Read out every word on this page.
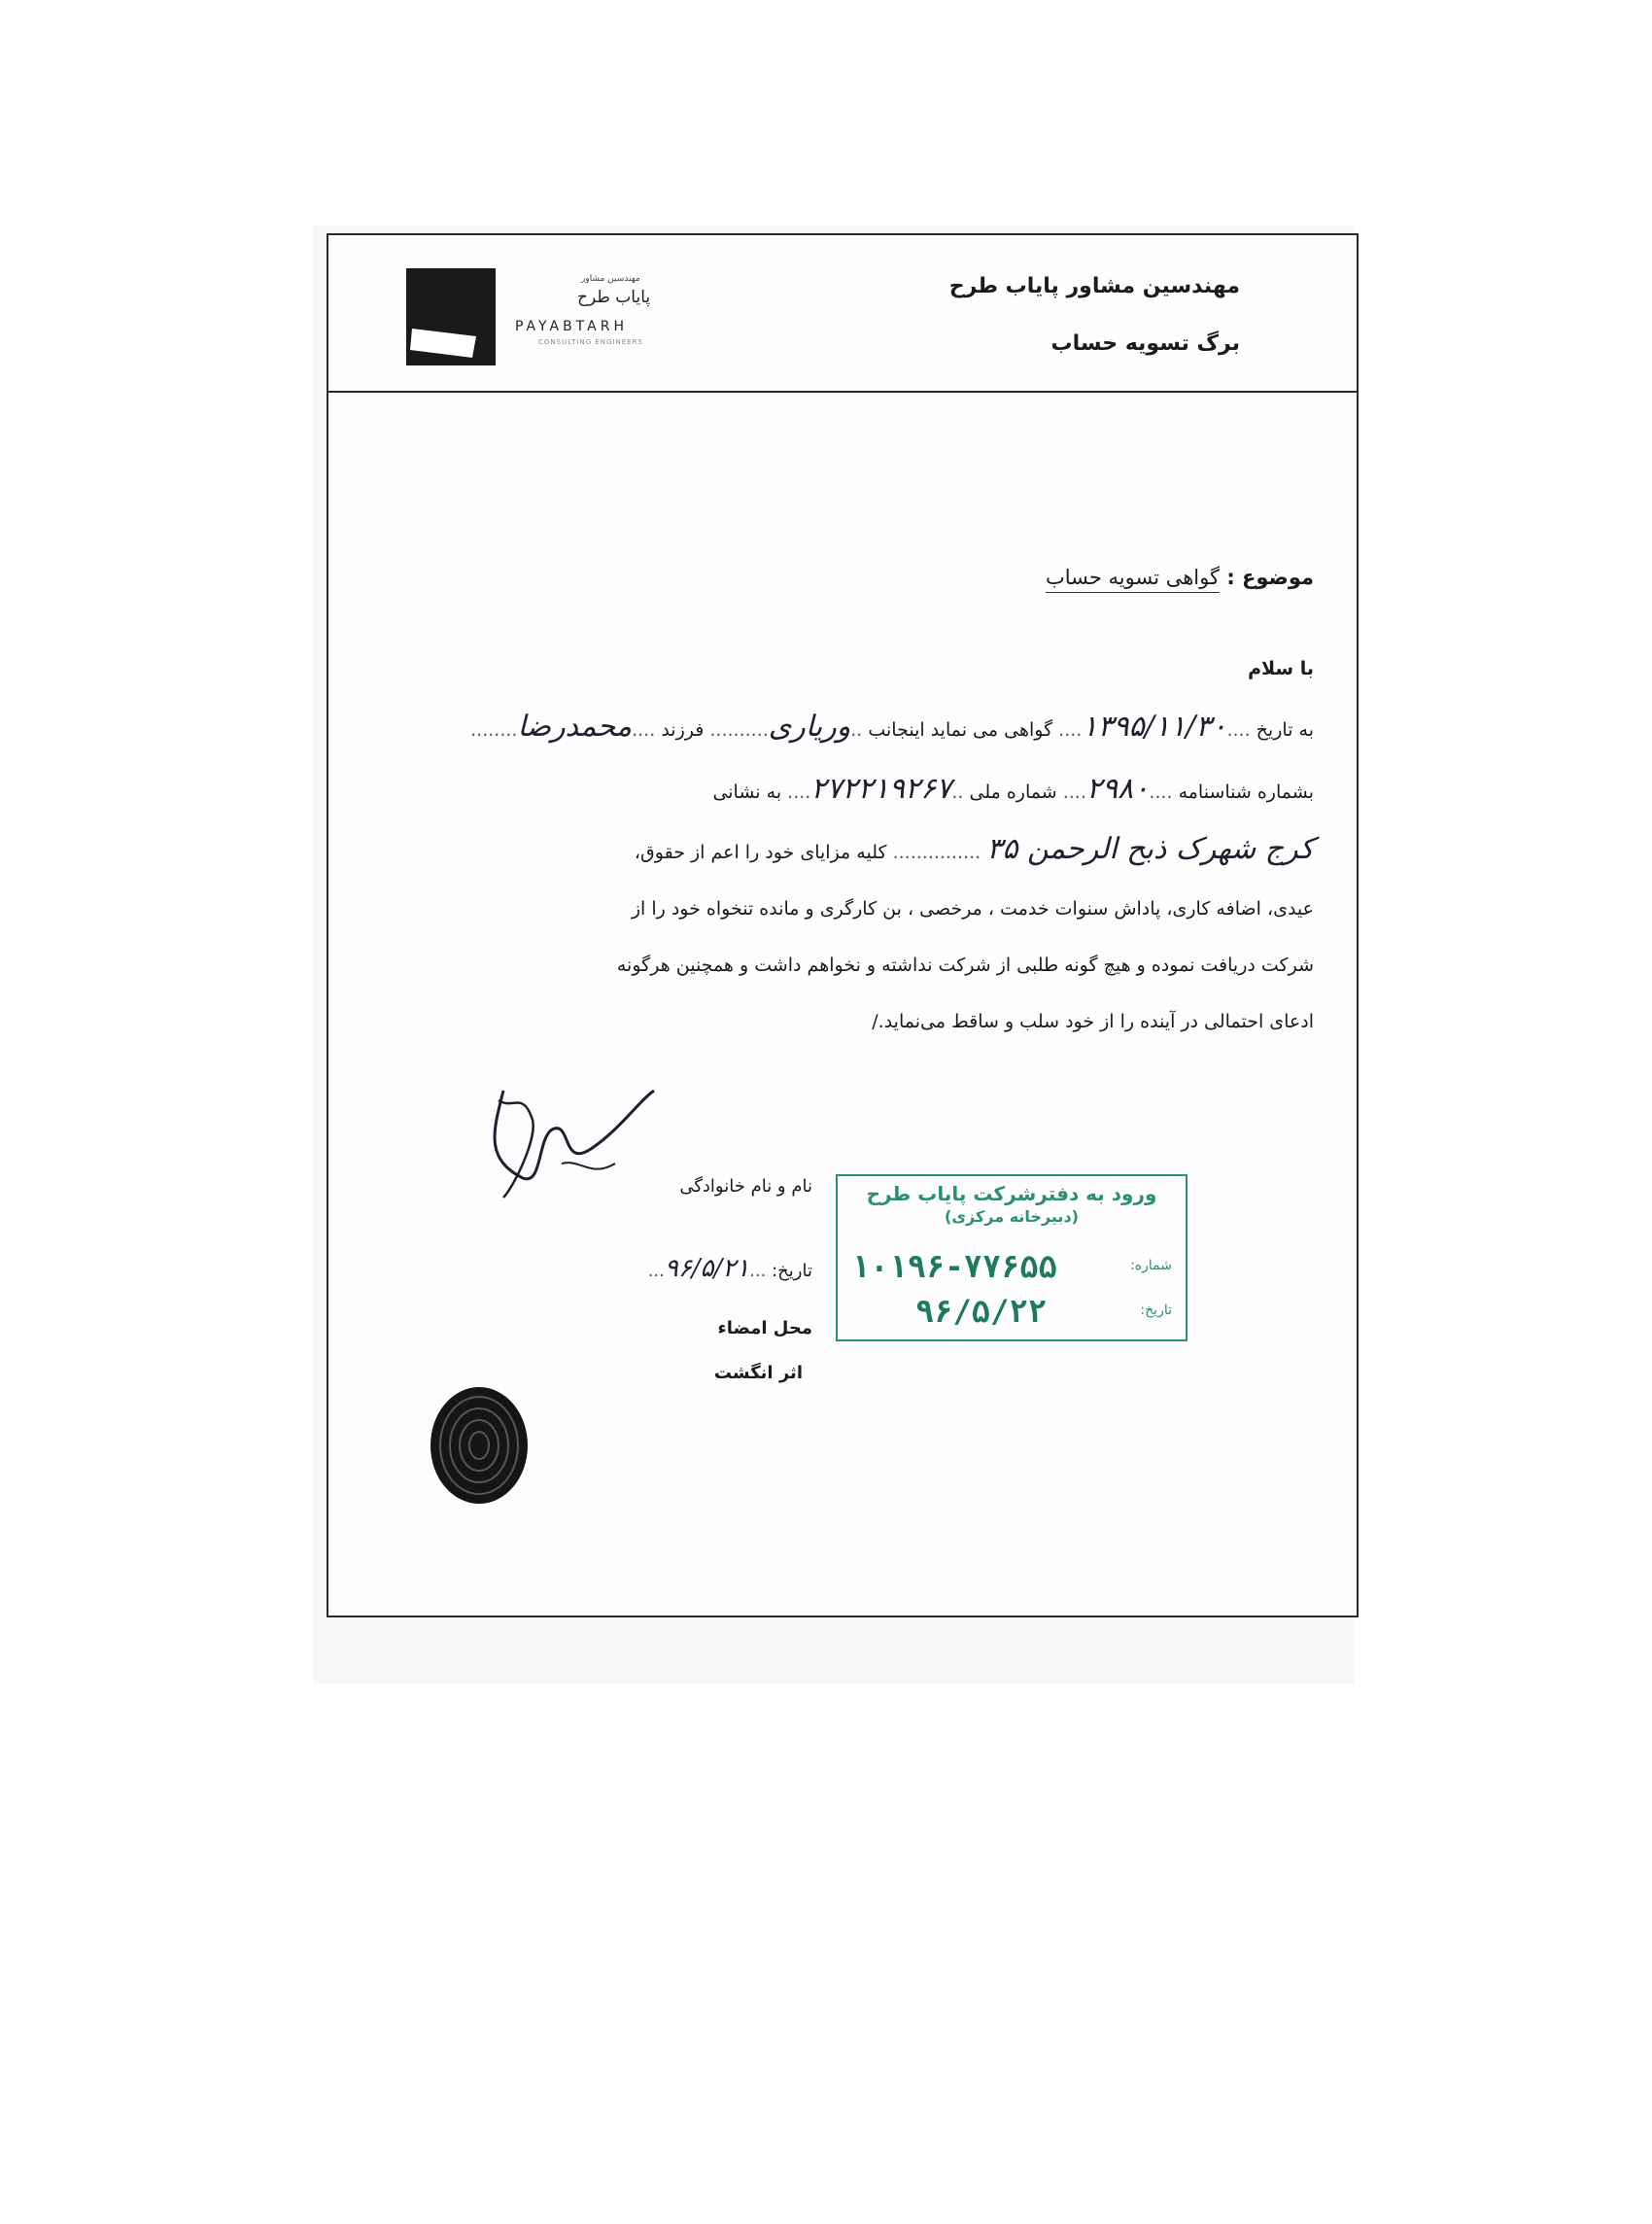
مهندسین مشاور پایاب طرح
برگ تسویه حساب
مهندسین مشاور
پایاب طرح
PAYABTARH
CONSULTING ENGINEERS
موضوع : گواهی تسویه حساب
با سلام
به تاریخ ....۱۳۹۵/۱۱/۳۰.... گواهی می نماید اینجانب ..وریاری.......... فرزند ....محمدرضا........
بشماره شناسنامه ....۲۹۸۰.... شماره ملی ..۲۷۲۲۱۹۲۶۷.... به نشانی
کرج شهرک ذبح الرحمن ۳۵ ............... کلیه مزایای خود را اعم از حقوق،
عیدی، اضافه کاری، پاداش سنوات خدمت ، مرخصی ، بن کارگری و مانده تنخواه خود را از
شرکت دریافت نموده و هیچ گونه طلبی از شرکت نداشته و نخواهم داشت و همچنین هرگونه
ادعای احتمالی در آینده را از خود سلب و ساقط می‌نماید./
نام و نام خانوادگی
تاریخ: ...۹۶/۵/۲۱...
محل امضاء
اثر انگشت
ورود به دفترشرکت پایاب طرح
(دبیرخانه مرکزی)
شماره:
۱۰۱۹۶-۷۷۶۵۵
تاریخ:
۹۶/۵/۲۲
